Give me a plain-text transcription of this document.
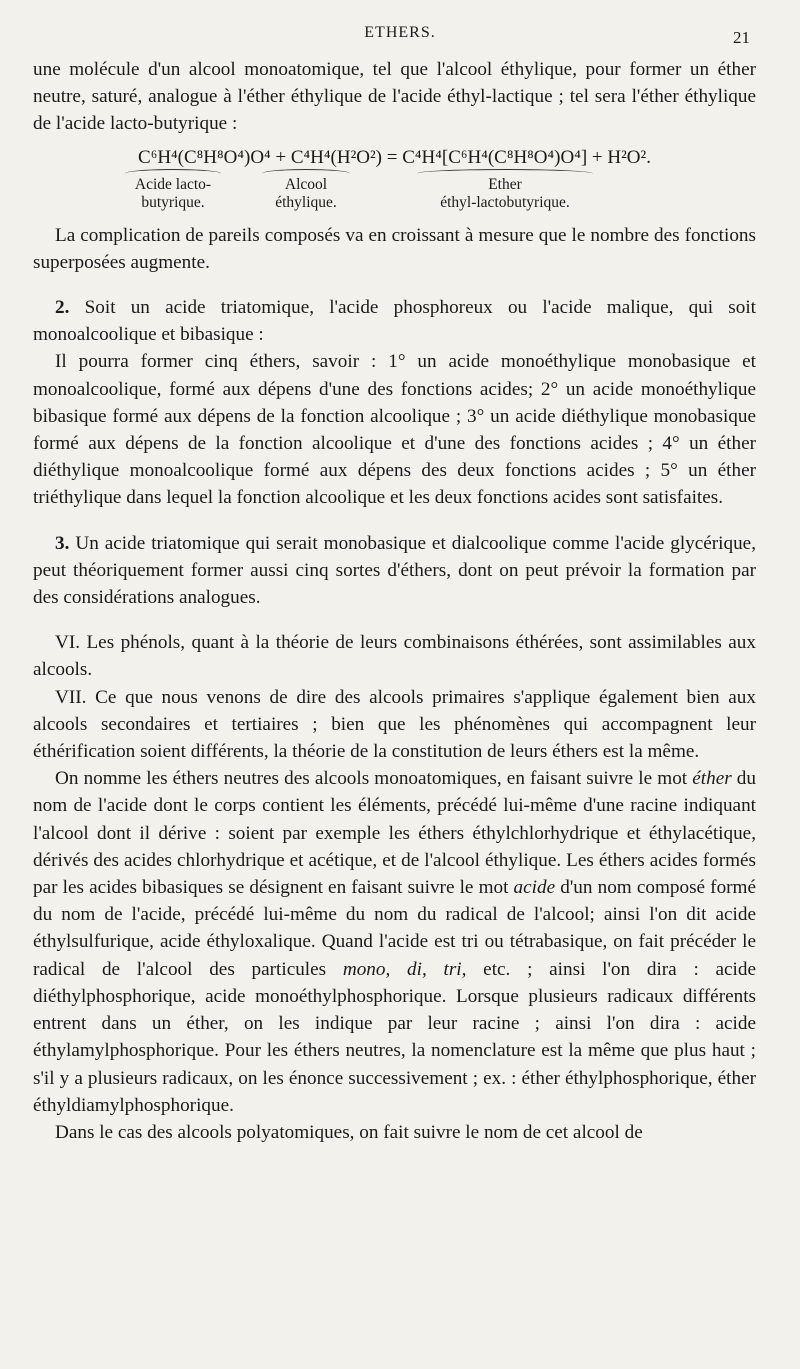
ETHERS.	21

une molécule d'un alcool monoatomique, tel que l'alcool éthylique, pour former un éther neutre, saturé, analogue à l'éther éthylique de l'acide éthyl-lactique ; tel sera l'éther éthylique de l'acide lacto-butyrique :

C⁶H⁴(C⁸H⁸O⁴)O⁴ + C⁴H⁴(H²O²) = C⁴H⁴[C⁶H⁴(C⁸H⁸O⁴)O⁴] + H²O².
Acide lacto-
butyrique.
Alcool
éthylique.
Ether
éthyl-lactobutyrique.

La complication de pareils composés va en croissant à mesure que le nombre des fonctions superposées augmente.

2. Soit un acide triatomique, l'acide phosphoreux ou l'acide malique, qui soit monoalcoolique et bibasique :

Il pourra former cinq éthers, savoir : 1° un acide monoéthylique monobasique et monoalcoolique, formé aux dépens d'une des fonctions acides; 2° un acide monoéthylique bibasique formé aux dépens de la fonction alcoolique ; 3° un acide diéthylique monobasique formé aux dépens de la fonction alcoolique et d'une des fonctions acides ; 4° un éther diéthylique monoalcoolique formé aux dépens des deux fonctions acides ; 5° un éther triéthylique dans lequel la fonction alcoolique et les deux fonctions acides sont satisfaites.

3. Un acide triatomique qui serait monobasique et dialcoolique comme l'acide glycérique, peut théoriquement former aussi cinq sortes d'éthers, dont on peut prévoir la formation par des considérations analogues.

VI. Les phénols, quant à la théorie de leurs combinaisons éthérées, sont assimilables aux alcools.

VII. Ce que nous venons de dire des alcools primaires s'applique également bien aux alcools secondaires et tertiaires ; bien que les phénomènes qui accompagnent leur éthérification soient différents, la théorie de la constitution de leurs éthers est la même.

On nomme les éthers neutres des alcools monoatomiques, en faisant suivre le mot éther du nom de l'acide dont le corps contient les éléments, précédé lui-même d'une racine indiquant l'alcool dont il dérive : soient par exemple les éthers éthylchlorhydrique et éthylacétique, dérivés des acides chlorhydrique et acétique, et de l'alcool éthylique. Les éthers acides formés par les acides bibasiques se désignent en faisant suivre le mot acide d'un nom composé formé du nom de l'acide, précédé lui-même du nom du radical de l'alcool; ainsi l'on dit acide éthylsulfurique, acide éthyloxalique. Quand l'acide est tri ou tétrabasique, on fait précéder le radical de l'alcool des particules mono, di, tri, etc. ; ainsi l'on dira : acide diéthylphosphorique, acide monoéthylphosphorique. Lorsque plusieurs radicaux différents entrent dans un éther, on les indique par leur racine ; ainsi l'on dira : acide éthylamylphosphorique. Pour les éthers neutres, la nomenclature est la même que plus haut ; s'il y a plusieurs radicaux, on les énonce successivement ; ex. : éther éthylphosphorique, éther éthyldiamylphosphorique.

Dans le cas des alcools polyatomiques, on fait suivre le nom de cet alcool de
